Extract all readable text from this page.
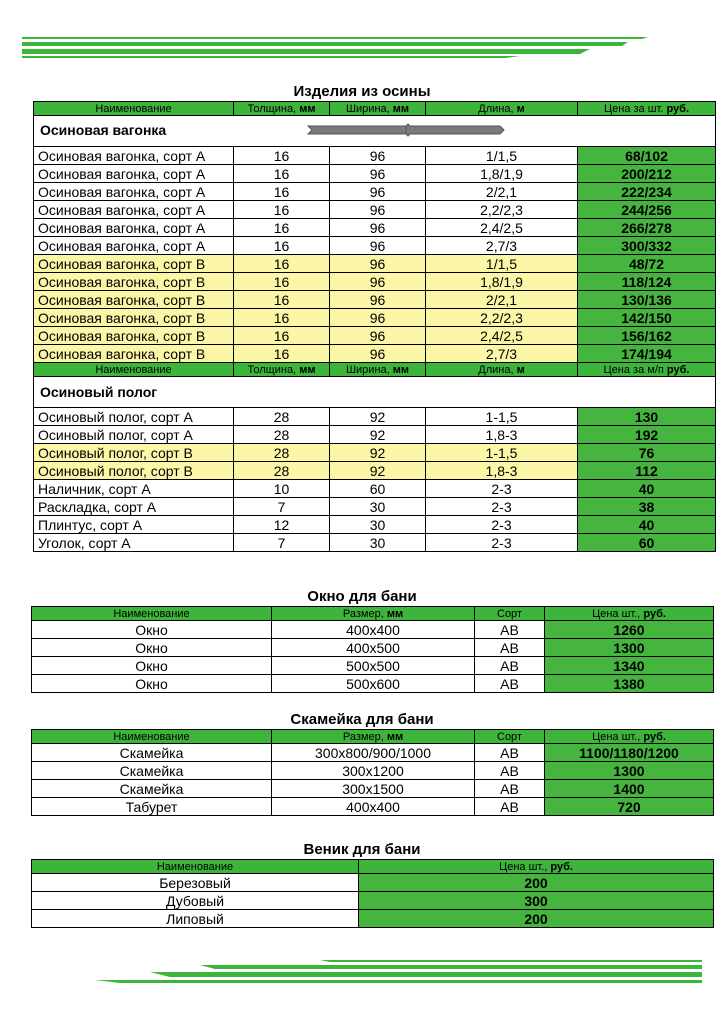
Изделия из осины
Наименование	Толщина, мм	Ширина, мм	Длина, м	Цена за шт. руб.
Осиновая вагонка				
Осиновая вагонка, сорт А	16	96	1/1,5	68/102
Осиновая вагонка, сорт А	16	96	1,8/1,9	200/212
Осиновая вагонка, сорт А	16	96	2/2,1	222/234
Осиновая вагонка, сорт А	16	96	2,2/2,3	244/256
Осиновая вагонка, сорт А	16	96	2,4/2,5	266/278
Осиновая вагонка, сорт А	16	96	2,7/3	300/332
Осиновая вагонка, сорт В	16	96	1/1,5	48/72
Осиновая вагонка, сорт В	16	96	1,8/1,9	118/124
Осиновая вагонка, сорт В	16	96	2/2,1	130/136
Осиновая вагонка, сорт В	16	96	2,2/2,3	142/150
Осиновая вагонка, сорт В	16	96	2,4/2,5	156/162
Осиновая вагонка, сорт В	16	96	2,7/3	174/194
Наименование	Толщина, мм	Ширина, мм	Длина, м	Цена за м/п руб.
Осиновый полог				
Осиновый полог, сорт А	28	92	1-1,5	130
Осиновый полог, сорт А	28	92	1,8-3	192
Осиновый полог, сорт В	28	92	1-1,5	76
Осиновый полог, сорт В	28	92	1,8-3	112
Наличник, сорт А	10	60	2-3	40
Раскладка, сорт А	7	30	2-3	38
Плинтус, сорт А	12	30	2-3	40
Уголок, сорт А	7	30	2-3	60
Окно для бани
Наименование	Размер, мм	Сорт	Цена шт., руб.
Окно	400x400	АВ	1260
Окно	400x500	АВ	1300
Окно	500x500	АВ	1340
Окно	500x600	АВ	1380
Скамейка для бани
Наименование	Размер, мм	Сорт	Цена шт., руб.
Скамейка	300x800/900/1000	АВ	1100/1180/1200
Скамейка	300x1200	АВ	1300
Скамейка	300x1500	АВ	1400
Табурет	400x400	АВ	720
Веник для бани
Наименование	Цена шт., руб.
Березовый	200
Дубовый	300
Липовый	200
